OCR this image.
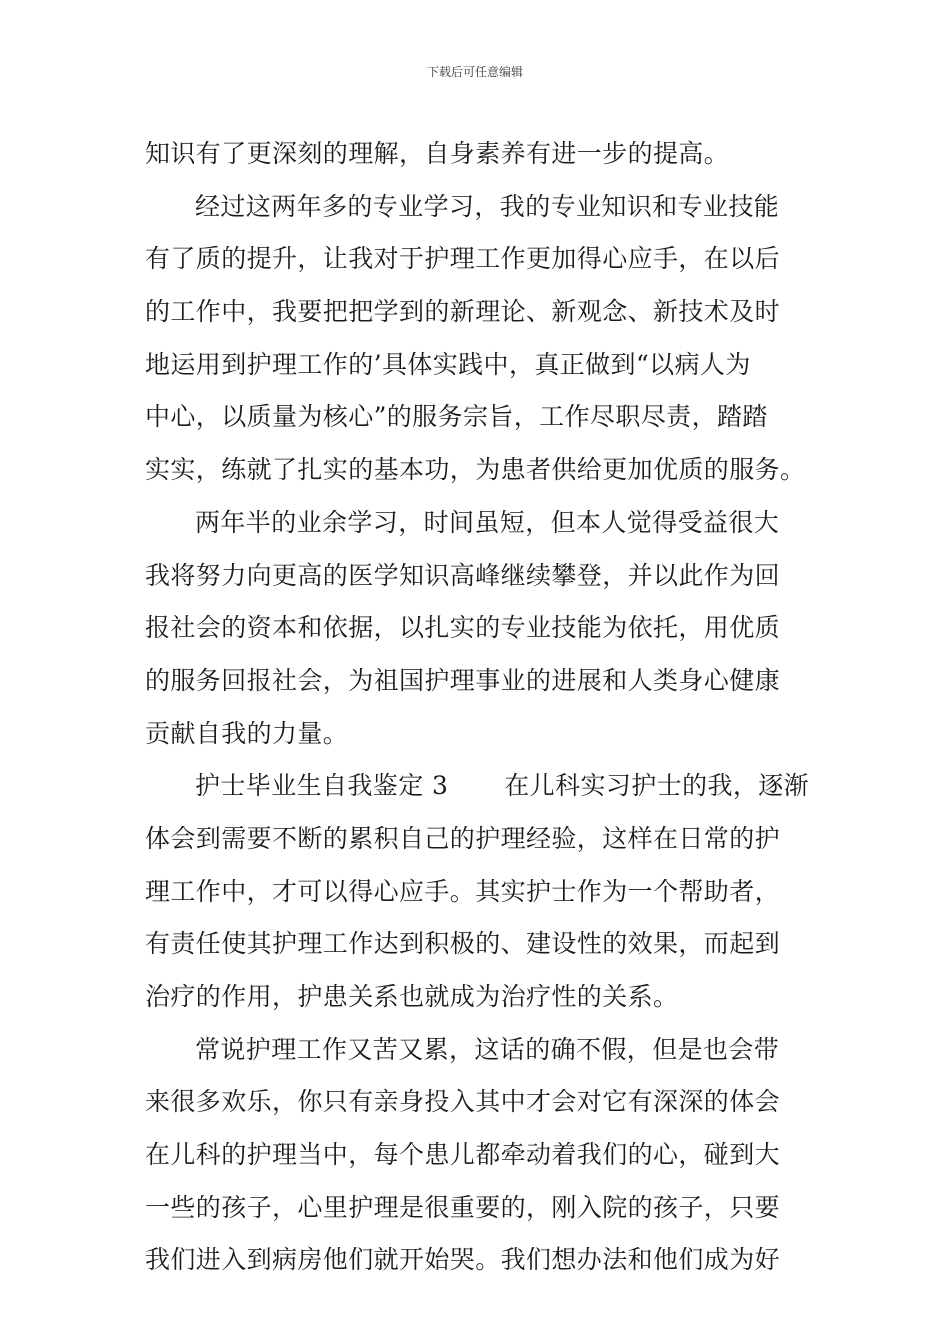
下载后可任意编辑
知识有了更深刻的理解，自身素养有进一步的提高。
经过这两年多的专业学习，我的专业知识和专业技能
有了质的提升，让我对于护理工作更加得心应手，在以后
的工作中，我要把把学到的新理论、新观念、新技术及时
地运用到护理工作的’具体实践中，真正做到“以病人为
中心，以质量为核心”的服务宗旨，工作尽职尽责，踏踏
实实，练就了扎实的基本功，为患者供给更加优质的服务。
两年半的业余学习，时间虽短，但本人觉得受益很大
我将努力向更高的医学知识高峰继续攀登，并以此作为回
报社会的资本和依据，以扎实的专业技能为依托，用优质
的服务回报社会，为祖国护理事业的进展和人类身心健康
贡献自我的力量。
护士毕业生自我鉴定 3 在儿科实习护士的我，逐渐
体会到需要不断的累积自己的护理经验，这样在日常的护
理工作中，才可以得心应手。其实护士作为一个帮助者，
有责任使其护理工作达到积极的、建设性的效果，而起到
治疗的作用，护患关系也就成为治疗性的关系。
常说护理工作又苦又累，这话的确不假，但是也会带
来很多欢乐，你只有亲身投入其中才会对它有深深的体会
在儿科的护理当中，每个患儿都牵动着我们的心，碰到大
一些的孩子，心里护理是很重要的，刚入院的孩子，只要
我们进入到病房他们就开始哭。我们想办法和他们成为好
